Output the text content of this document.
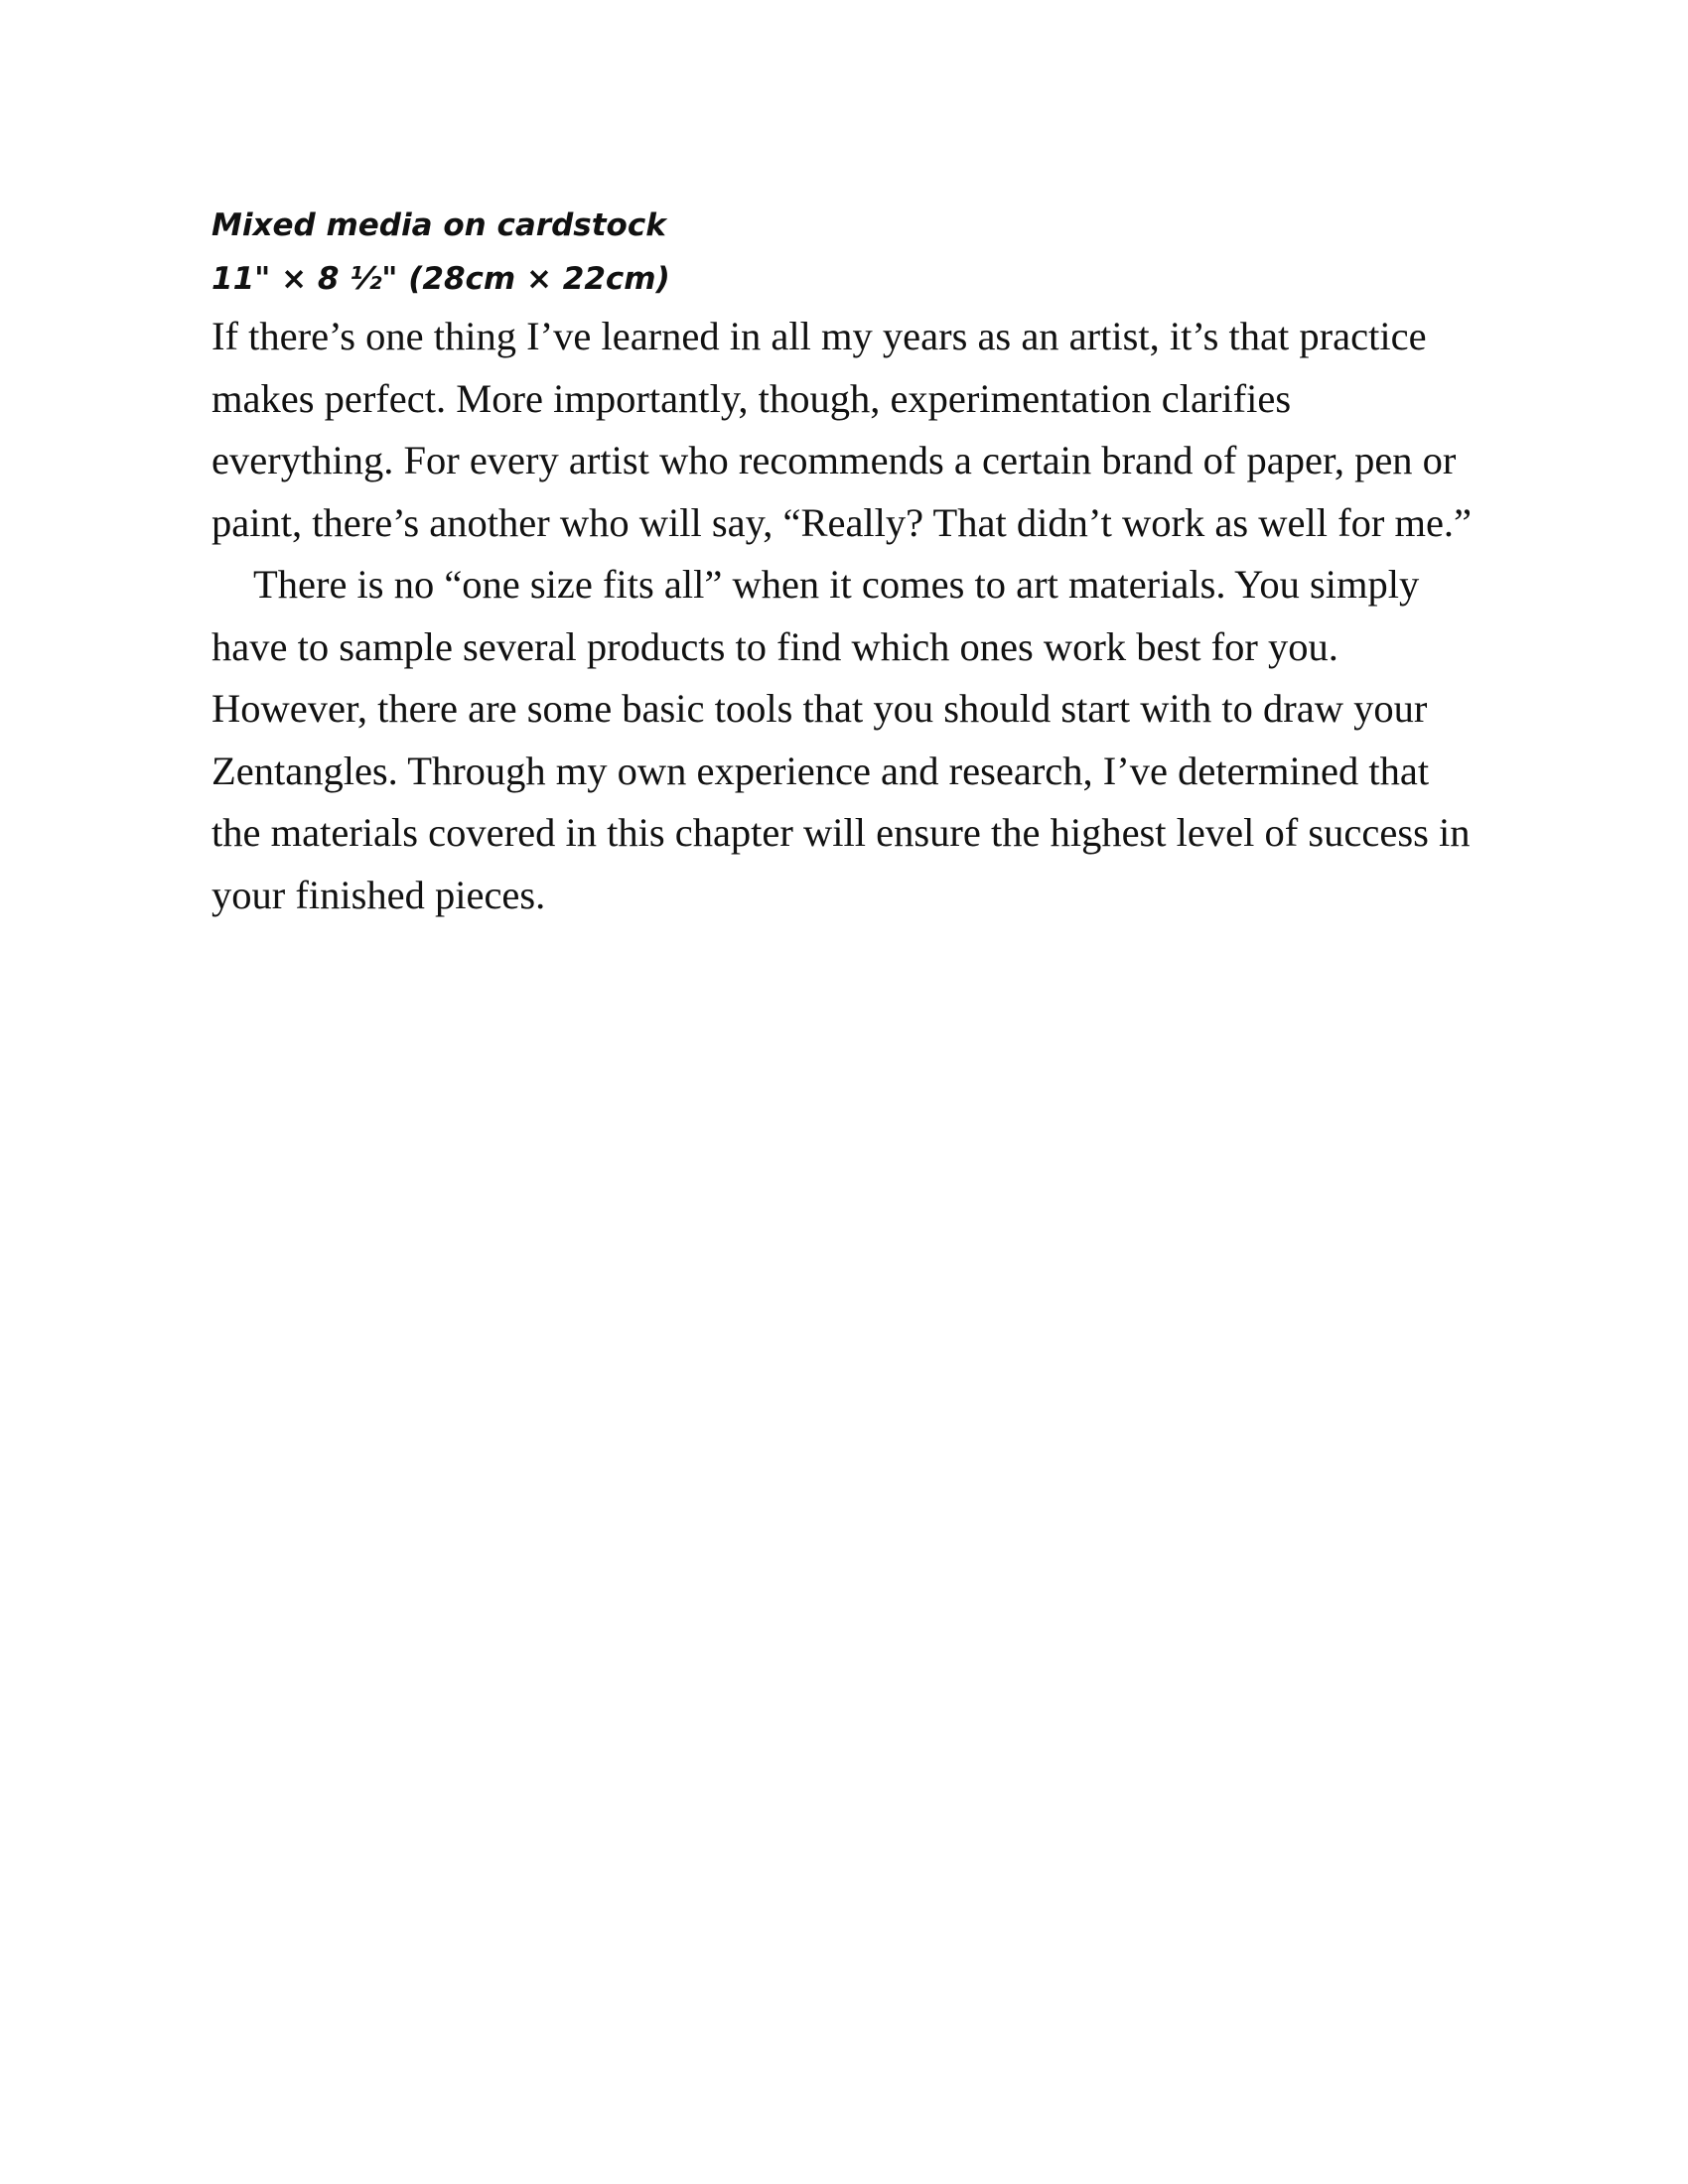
Mixed media on cardstock

11" × 8 ½" (28cm × 22cm)

If there’s one thing I’ve learned in all my years as an artist, it’s that practice makes perfect. More importantly, though, experimentation clarifies everything. For every artist who recommends a certain brand of paper, pen or paint, there’s another who will say, “Really? That didn’t work as well for me.”

There is no “one size fits all” when it comes to art materials. You simply have to sample several products to find which ones work best for you. However, there are some basic tools that you should start with to draw your Zentangles. Through my own experience and research, I’ve determined that the materials covered in this chapter will ensure the highest level of success in your finished pieces.
